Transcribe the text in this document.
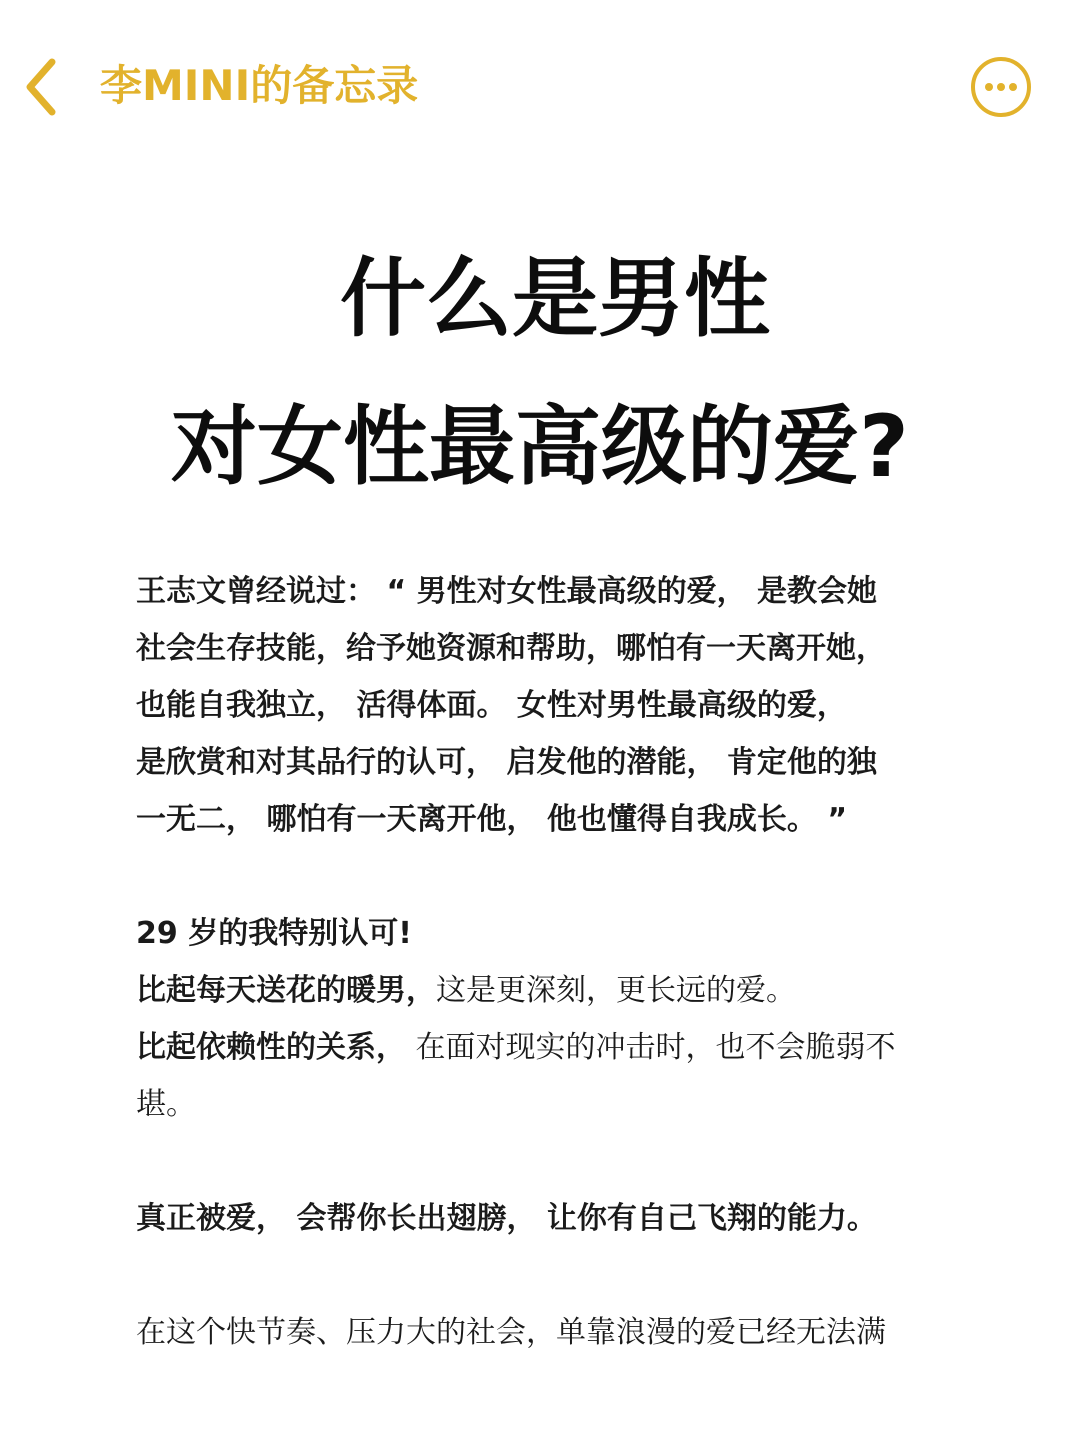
李MINI的备忘录
什么是男性
对女性最高级的爱?
王志文曾经说过： “ 男性对女性最高级的爱， 是教会她
社会生存技能，给予她资源和帮助，哪怕有一天离开她，
也能自我独立， 活得体面。 女性对男性最高级的爱，
是欣赏和对其品行的认可， 启发他的潜能， 肯定他的独
一无二， 哪怕有一天离开他， 他也懂得自我成长。 ”
29 岁的我特别认可!
比起每天送花的暖男，这是更深刻，更长远的爱。
比起依赖性的关系， 在面对现实的冲击时，也不会脆弱不
堪。
真正被爱， 会帮你长出翅膀， 让你有自己飞翔的能力。
在这个快节奏、压力大的社会，单靠浪漫的爱已经无法满
